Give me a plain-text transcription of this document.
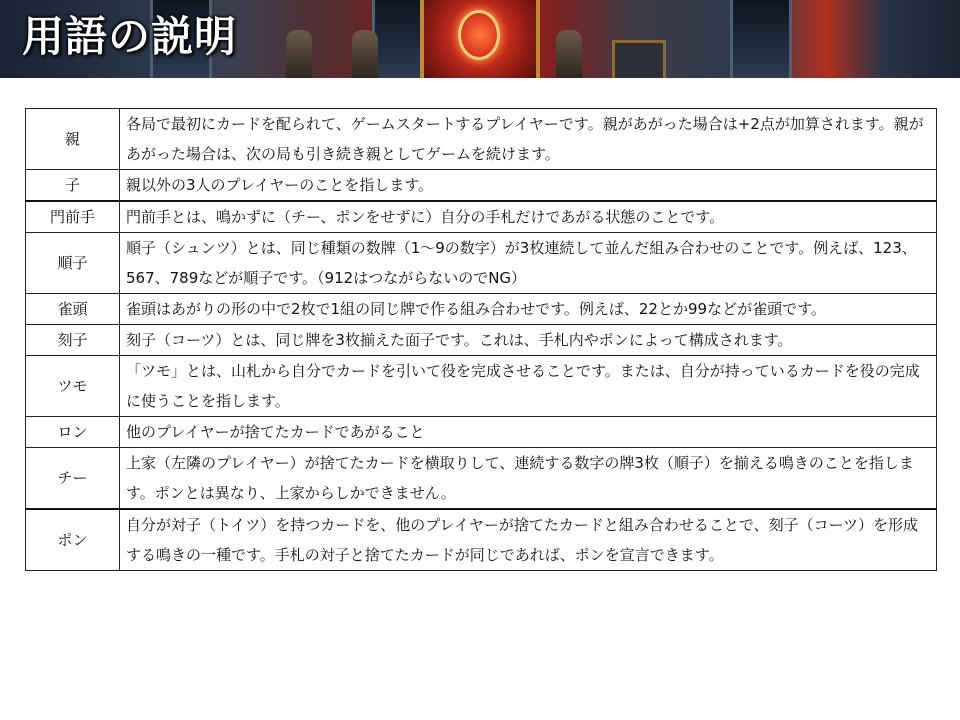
用語の説明
親	各局で最初にカードを配られて、ゲームスタートするプレイヤーです。親があがった場合は+2点が加算されます。親があがった場合は、次の局も引き続き親としてゲームを続けます。
子	親以外の3人のプレイヤーのことを指します。
門前手	門前手とは、鳴かずに（チー、ポンをせずに）自分の手札だけであがる状態のことです。
順子	順子（シュンツ）とは、同じ種類の数牌（1〜9の数字）が3枚連続して並んだ組み合わせのことです。例えば、123、567、789などが順子です。（912はつながらないのでNG）
雀頭	雀頭はあがりの形の中で2枚で1組の同じ牌で作る組み合わせです。例えば、22とか99などが雀頭です。
刻子	刻子（コーツ）とは、同じ牌を3枚揃えた面子です。これは、手札内やポンによって構成されます。
ツモ	「ツモ」とは、山札から自分でカードを引いて役を完成させることです。または、自分が持っているカードを役の完成に使うことを指します。
ロン	他のプレイヤーが捨てたカードであがること
チー	上家（左隣のプレイヤー）が捨てたカードを横取りして、連続する数字の牌3枚（順子）を揃える鳴きのことを指します。ポンとは異なり、上家からしかできません。
ポン	自分が対子（トイツ）を持つカードを、他のプレイヤーが捨てたカードと組み合わせることで、刻子（コーツ）を形成する鳴きの一種です。手札の対子と捨てたカードが同じであれば、ポンを宣言できます。
